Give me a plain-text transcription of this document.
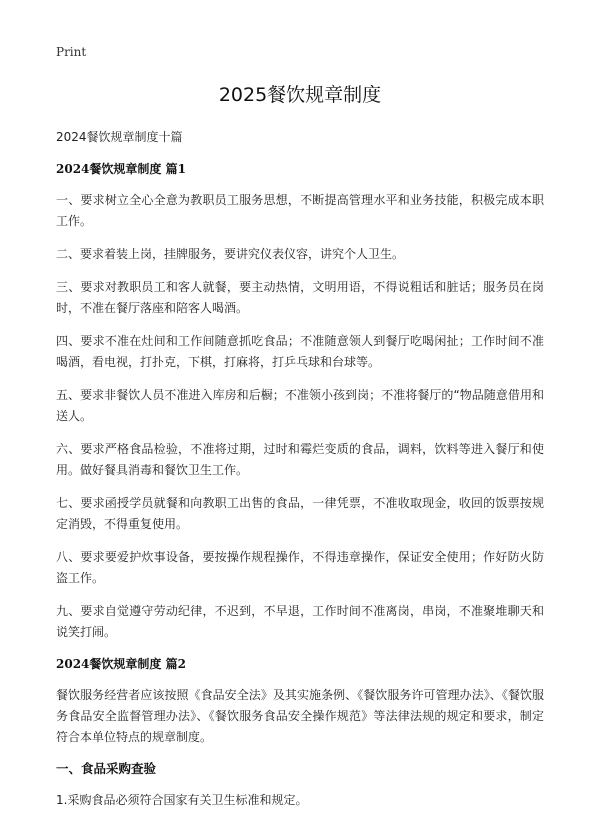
Print
2025餐饮规章制度
2024餐饮规章制度十篇
2024餐饮规章制度 篇1

一、要求树立全心全意为教职员工服务思想，不断提高管理水平和业务技能，积极完成本职工作。

二、要求着装上岗，挂牌服务，要讲究仪表仪容，讲究个人卫生。

三、要求对教职员工和客人就餐，要主动热情，文明用语，不得说粗话和脏话；服务员在岗时，不准在餐厅落座和陪客人喝酒。

四、要求不准在灶间和工作间随意抓吃食品；不准随意领人到餐厅吃喝闲扯；工作时间不准喝酒，看电视，打扑克，下棋，打麻将，打乒乓球和台球等。

五、要求非餐饮人员不准进入库房和后橱；不准领小孩到岗；不准将餐厅的“物品随意借用和送人。

六、要求严格食品检验，不准将过期，过时和霉烂变质的食品，调料，饮料等进入餐厅和使用。做好餐具消毒和餐饮卫生工作。

七、要求函授学员就餐和向教职工出售的食品，一律凭票，不准收取现金，收回的饭票按规定消毁，不得重复使用。

八、要求要爱护炊事设备，要按操作规程操作，不得违章操作，保证安全使用；作好防火防盗工作。

九、要求自觉遵守劳动纪律，不迟到，不早退，工作时间不准离岗，串岗，不准聚堆聊天和说笑打闹。

2024餐饮规章制度 篇2

餐饮服务经营者应该按照《食品安全法》及其实施条例、《餐饮服务许可管理办法》、《餐饮服务食品安全监督管理办法》、《餐饮服务食品安全操作规范》等法律法规的规定和要求，制定符合本单位特点的规章制度。

一、食品采购查验

1.采购食品必须符合国家有关卫生标准和规定。
